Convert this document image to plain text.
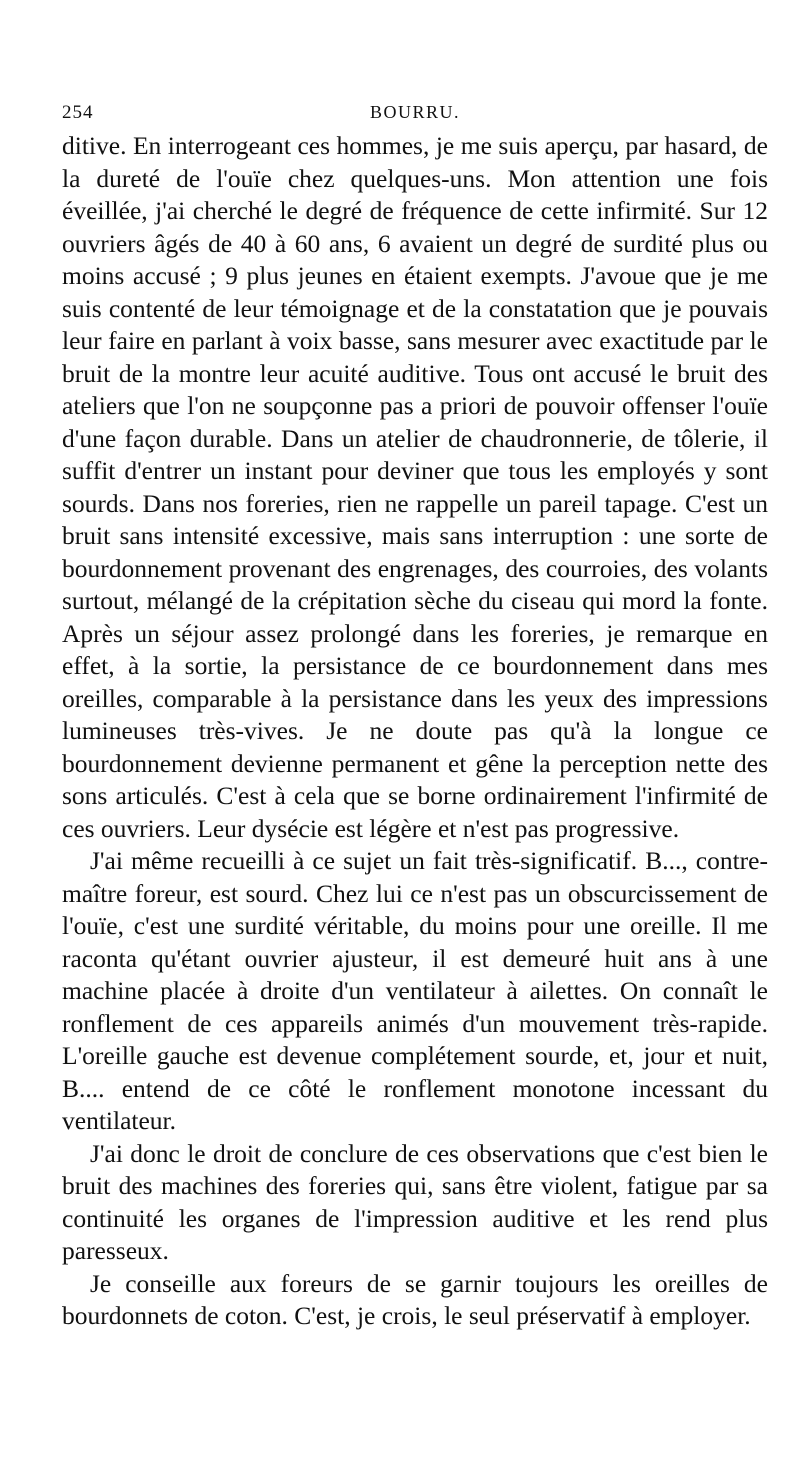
254	BOURRU.

ditive. En interrogeant ces hommes, je me suis aperçu, par hasard, de la dureté de l'ouïe chez quelques-uns. Mon attention une fois éveillée, j'ai cherché le degré de fréquence de cette infirmité. Sur 12 ouvriers âgés de 40 à 60 ans, 6 avaient un degré de surdité plus ou moins accusé ; 9 plus jeunes en étaient exempts. J'avoue que je me suis contenté de leur témoignage et de la constatation que je pouvais leur faire en parlant à voix basse, sans mesurer avec exactitude par le bruit de la montre leur acuité auditive. Tous ont accusé le bruit des ateliers que l'on ne soupçonne pas a priori de pouvoir offenser l'ouïe d'une façon durable. Dans un atelier de chaudronnerie, de tôlerie, il suffit d'entrer un instant pour deviner que tous les employés y sont sourds. Dans nos foreries, rien ne rappelle un pareil tapage. C'est un bruit sans intensité excessive, mais sans interruption : une sorte de bourdonnement provenant des engrenages, des courroies, des volants surtout, mélangé de la crépitation sèche du ciseau qui mord la fonte. Après un séjour assez prolongé dans les foreries, je remarque en effet, à la sortie, la persistance de ce bourdonnement dans mes oreilles, comparable à la persistance dans les yeux des impressions lumineuses très-vives. Je ne doute pas qu'à la longue ce bourdonnement devienne permanent et gêne la perception nette des sons articulés. C'est à cela que se borne ordinairement l'infirmité de ces ouvriers. Leur dysécie est légère et n'est pas progressive.

J'ai même recueilli à ce sujet un fait très-significatif. B..., contre-maître foreur, est sourd. Chez lui ce n'est pas un obscurcissement de l'ouïe, c'est une surdité véritable, du moins pour une oreille. Il me raconta qu'étant ouvrier ajusteur, il est demeuré huit ans à une machine placée à droite d'un ventilateur à ailettes. On connaît le ronflement de ces appareils animés d'un mouvement très-rapide. L'oreille gauche est devenue complétement sourde, et, jour et nuit, B.... entend de ce côté le ronflement monotone incessant du ventilateur.

J'ai donc le droit de conclure de ces observations que c'est bien le bruit des machines des foreries qui, sans être violent, fatigue par sa continuité les organes de l'impression auditive et les rend plus paresseux.

Je conseille aux foreurs de se garnir toujours les oreilles de bourdonnets de coton. C'est, je crois, le seul préservatif à employer.
